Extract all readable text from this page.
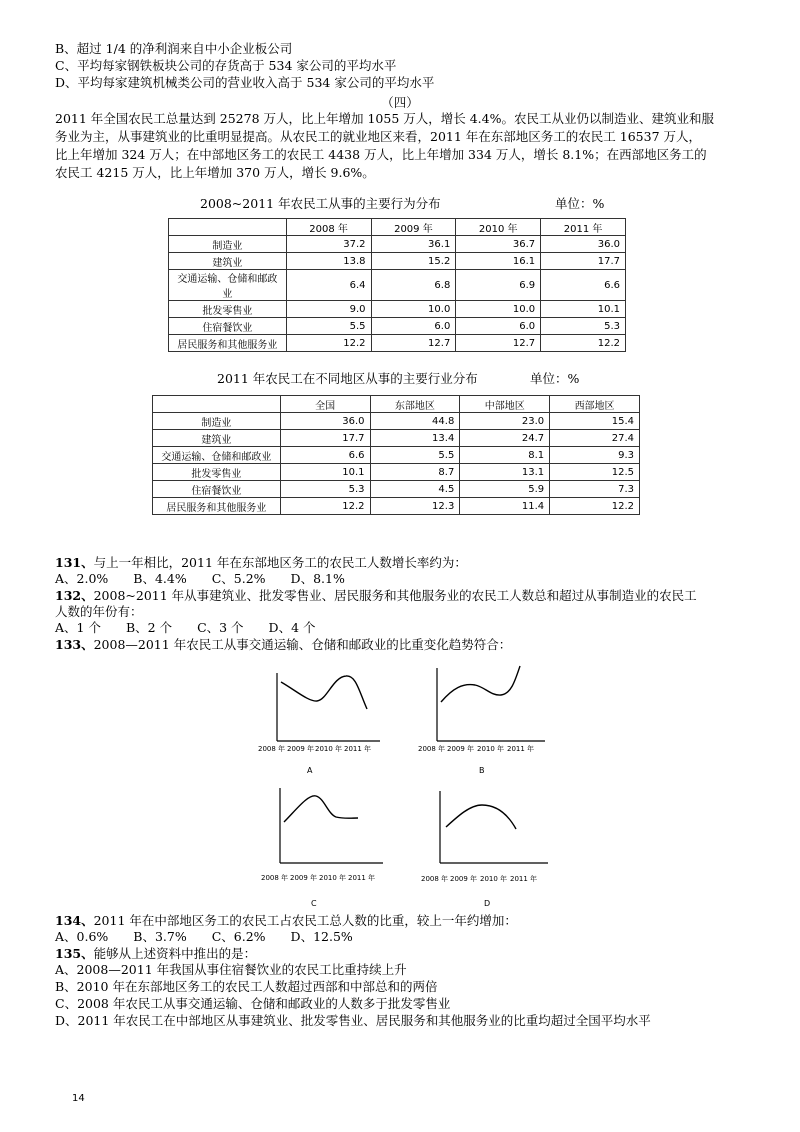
B、超过 1/4 的净利润来自中小企业板公司
C、平均每家钢铁板块公司的存货高于 534 家公司的平均水平
D、平均每家建筑机械类公司的营业收入高于 534 家公司的平均水平
（四）
2011 年全国农民工总量达到 25278 万人，比上年增加 1055 万人，增长 4.4%。农民工从业仍以制造业、建筑业和服
务业为主，从事建筑业的比重明显提高。从农民工的就业地区来看，2011 年在东部地区务工的农民工 16537 万人，
比上年增加 324 万人；在中部地区务工的农民工 4438 万人，比上年增加 334 万人，增长 8.1%；在西部地区务工的
农民工 4215 万人，比上年增加 370 万人，增长 9.6%。
2008~2011 年农民工从事的主要行为分布	单位：%
	2008 年	2009 年	2010 年	2011 年
制造业	37.2	36.1	36.7	36.0
建筑业	13.8	15.2	16.1	17.7
交通运输、仓储和邮政业	6.4	6.8	6.9	6.6
批发零售业	9.0	10.0	10.0	10.1
住宿餐饮业	5.5	6.0	6.0	5.3
居民服务和其他服务业	12.2	12.7	12.7	12.2
2011 年农民工在不同地区从事的主要行业分布	单位：%
	全国	东部地区	中部地区	西部地区
制造业	36.0	44.8	23.0	15.4
建筑业	17.7	13.4	24.7	27.4
交通运输、仓储和邮政业	6.6	5.5	8.1	9.3
批发零售业	10.1	8.7	13.1	12.5
住宿餐饮业	5.3	4.5	5.9	7.3
居民服务和其他服务业	12.2	12.3	11.4	12.2
131、与上一年相比，2011 年在东部地区务工的农民工人数增长率约为：
A、2.0%　　B、4.4%　　C、5.2%　　D、8.1%
132、2008~2011 年从事建筑业、批发零售业、居民服务和其他服务业的农民工人数总和超过从事制造业的农民工
人数的年份有：
A、1 个　　B、2 个　　C、3 个　　D、4 个
133、2008—2011 年农民工从事交通运输、仓储和邮政业的比重变化趋势符合：
2008 年 2009 年 2010 年 2011 年
A
2008 年 2009 年 2010 年 2011 年
B
2008 年 2009 年 2010 年 2011 年
C
2008 年 2009 年 2010 年 2011 年
D
134、2011 年在中部地区务工的农民工占农民工总人数的比重，较上一年约增加：
A、0.6%　　B、3.7%　　C、6.2%　　D、12.5%
135、能够从上述资料中推出的是：
A、2008—2011 年我国从事住宿餐饮业的农民工比重持续上升
B、2010 年在东部地区务工的农民工人数超过西部和中部总和的两倍
C、2008 年农民工从事交通运输、仓储和邮政业的人数多于批发零售业
D、2011 年农民工在中部地区从事建筑业、批发零售业、居民服务和其他服务业的比重均超过全国平均水平
14
